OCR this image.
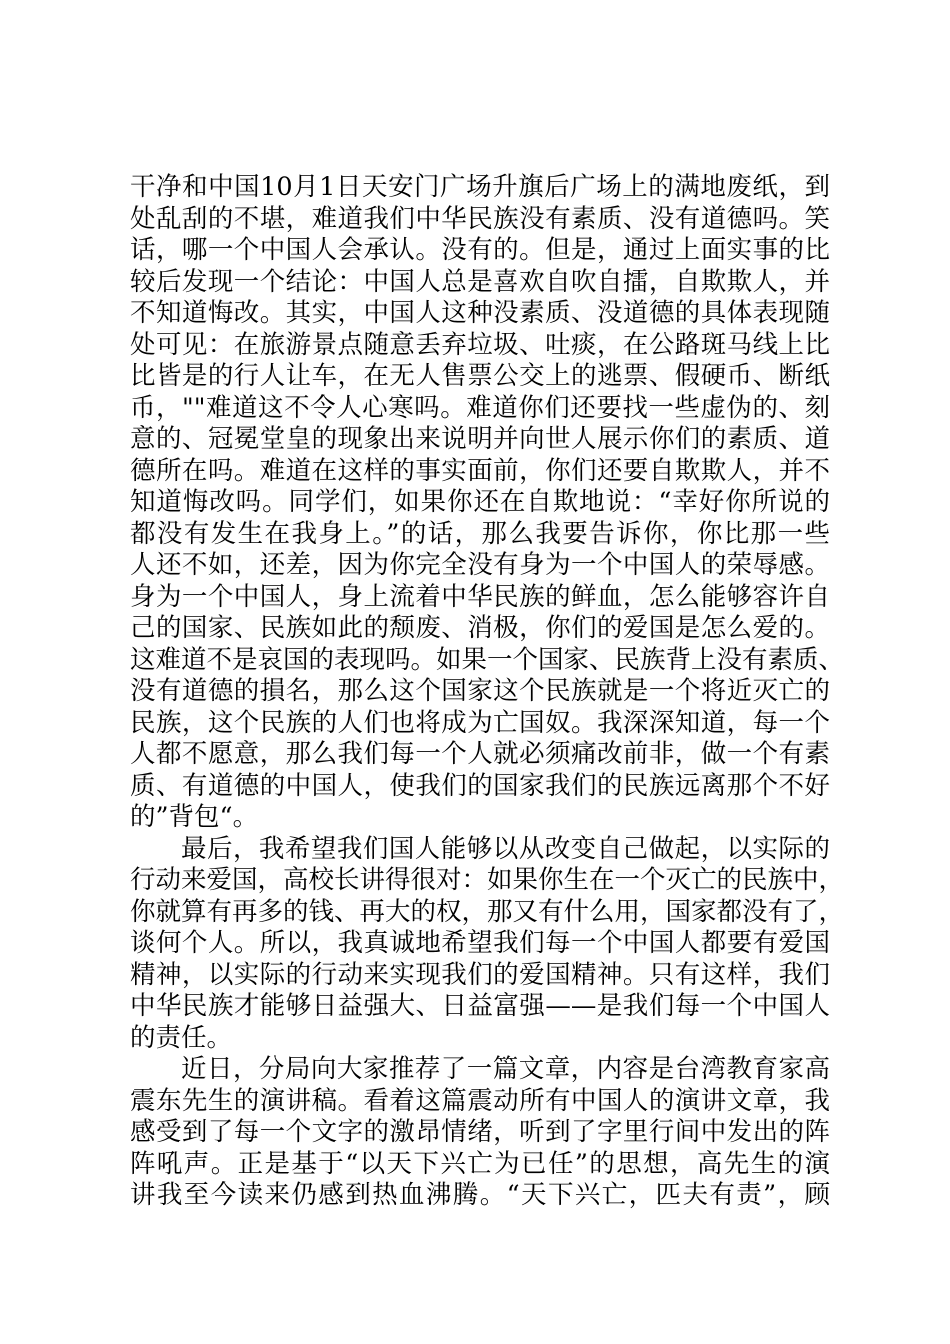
干净和中国10月1日天安门广场升旗后广场上的满地废纸，到
处乱刮的不堪，难道我们中华民族没有素质、没有道德吗。笑
话，哪一个中国人会承认。没有的。但是，通过上面实事的比
较后发现一个结论：中国人总是喜欢自吹自擂，自欺欺人，并
不知道悔改。其实，中国人这种没素质、没道德的具体表现随
处可见：在旅游景点随意丢弃垃圾、吐痰，在公路斑马线上比
比皆是的行人让车，在无人售票公交上的逃票、假硬币、断纸
币，""难道这不令人心寒吗。难道你们还要找一些虚伪的、刻
意的、冠冕堂皇的现象出来说明并向世人展示你们的素质、道
德所在吗。难道在这样的事实面前，你们还要自欺欺人，并不
知道悔改吗。同学们，如果你还在自欺地说：“幸好你所说的
都没有发生在我身上。”的话，那么我要告诉你，你比那一些
人还不如，还差，因为你完全没有身为一个中国人的荣辱感。
身为一个中国人，身上流着中华民族的鲜血，怎么能够容许自
己的国家、民族如此的颓废、消极，你们的爱国是怎么爱的。
这难道不是哀国的表现吗。如果一个国家、民族背上没有素质、
没有道德的損名，那么这个国家这个民族就是一个将近灭亡的
民族，这个民族的人们也将成为亡国奴。我深深知道，每一个
人都不愿意，那么我们每一个人就必须痛改前非，做一个有素
质、有道德的中国人，使我们的国家我们的民族远离那个不好
的”背包“。
最后，我希望我们国人能够以从改变自己做起，以实际的
行动来爱国，高校长讲得很对：如果你生在一个灭亡的民族中，
你就算有再多的钱、再大的权，那又有什么用，国家都没有了，
谈何个人。所以，我真诚地希望我们每一个中国人都要有爱国
精神，以实际的行动来实现我们的爱国精神。只有这样，我们
中华民族才能够日益强大、日益富强——是我们每一个中国人
的责任。
近日，分局向大家推荐了一篇文章，内容是台湾教育家高
震东先生的演讲稿。看着这篇震动所有中国人的演讲文章，我
感受到了每一个文字的激昂情绪，听到了字里行间中发出的阵
阵吼声。正是基于“以天下兴亡为已任”的思想，高先生的演
讲我至今读来仍感到热血沸腾。“天下兴亡，匹夫有责”，顾
